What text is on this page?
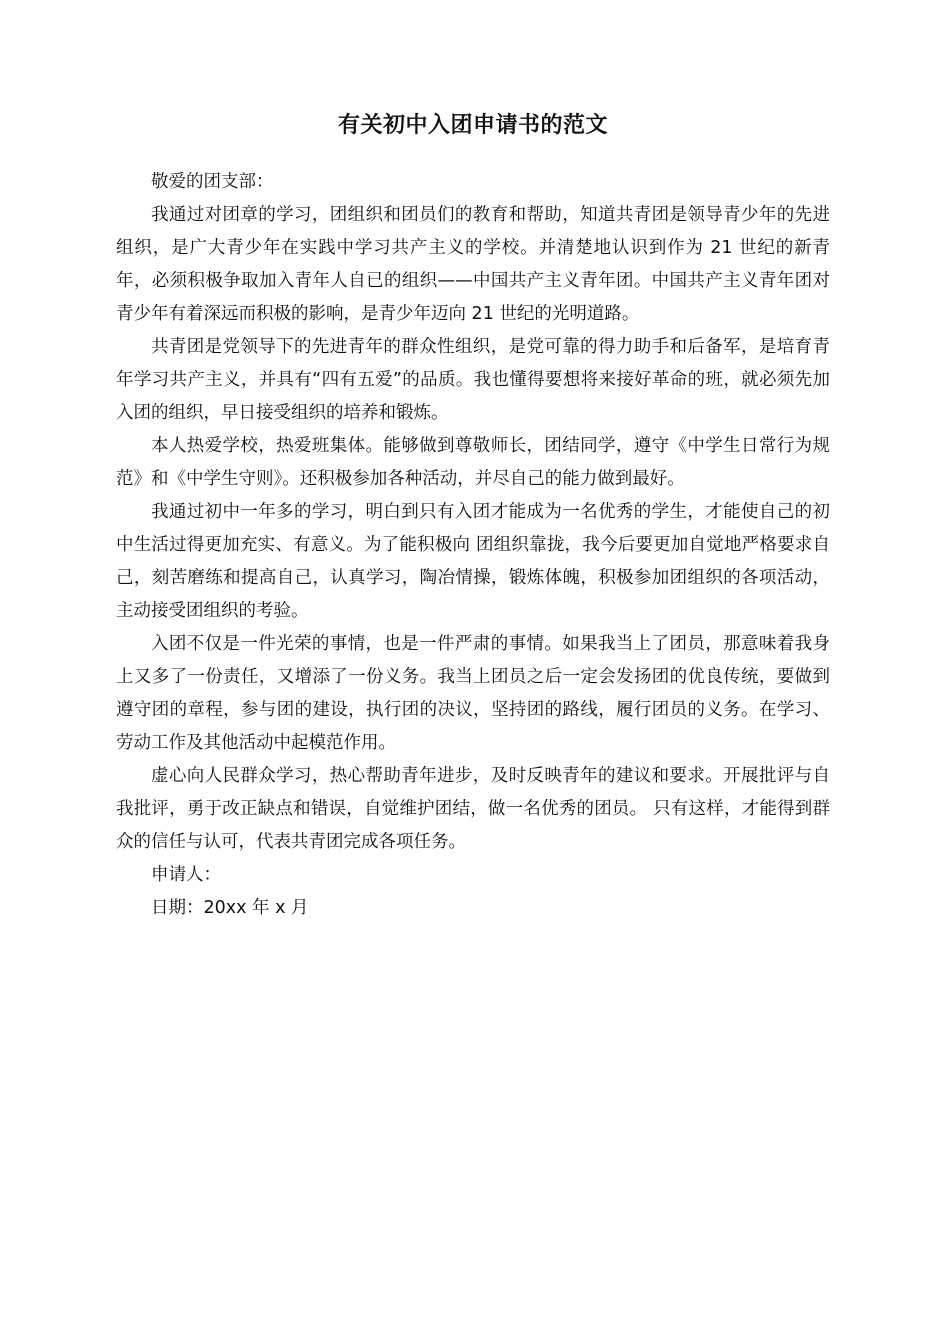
有关初中入团申请书的范文

敬爱的团支部：

我通过对团章的学习，团组织和团员们的教育和帮助，知道共青团是领导青少年的先进组织，是广大青少年在实践中学习共产主义的学校。并清楚地认识到作为 21 世纪的新青年，必须积极争取加入青年人自已的组织——中国共产主义青年团。中国共产主义青年团对青少年有着深远而积极的影响，是青少年迈向 21 世纪的光明道路。

共青团是党领导下的先进青年的群众性组织，是党可靠的得力助手和后备军，是培育青年学习共产主义，并具有“四有五爱”的品质。我也懂得要想将来接好革命的班，就必须先加入团的组织，早日接受组织的培养和锻炼。

本人热爱学校，热爱班集体。能够做到尊敬师长，团结同学，遵守《中学生日常行为规范》和《中学生守则》。还积极参加各种活动，并尽自己的能力做到最好。

我通过初中一年多的学习，明白到只有入团才能成为一名优秀的学生，才能使自己的初中生活过得更加充实、有意义。为了能积极向 团组织靠拢，我今后要更加自觉地严格要求自己，刻苦磨练和提高自己，认真学习，陶冶情操，锻炼体魄，积极参加团组织的各项活动，主动接受团组织的考验。

入团不仅是一件光荣的事情，也是一件严肃的事情。如果我当上了团员，那意味着我身上又多了一份责任，又增添了一份义务。我当上团员之后一定会发扬团的优良传统，要做到遵守团的章程，参与团的建设，执行团的决议，坚持团的路线，履行团员的义务。在学习、劳动工作及其他活动中起模范作用。

虚心向人民群众学习，热心帮助青年进步，及时反映青年的建议和要求。开展批评与自我批评，勇于改正缺点和错误，自觉维护团结，做一名优秀的团员。 只有这样，才能得到群众的信任与认可，代表共青团完成各项任务。

申请人：

日期：20xx 年 x 月
